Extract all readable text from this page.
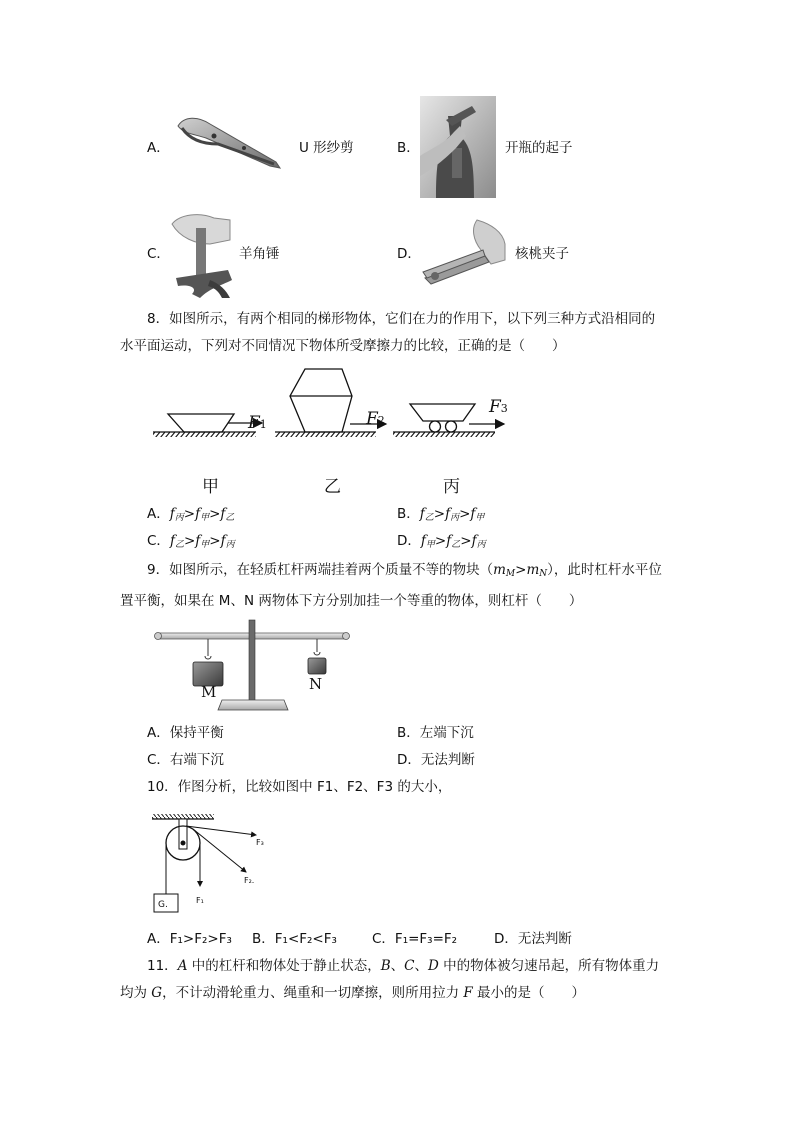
A．	U 形纱剪	B．	开瓶的起子
C．	羊角锤	D．	核桃夹子
8．如图所示，有两个相同的梯形物体，它们在力的作用下，以下列三种方式沿相同的
水平面运动，下列对不同情况下物体所受摩擦力的比较，正确的是（　　）
F1	F2
F3
甲	乙	丙
A．$f_丙>f_甲>f_乙$	B．$f_乙>f_丙>f_甲$
C．$f_乙>f_甲>f_丙$	D．$f_甲>f_乙>f_丙$
9．如图所示，在轻质杠杆两端挂着两个质量不等的物块$(m_M>m_N)$，此时杠杆水平位
置平衡，如果在 M、N 两物体下方分别加挂一个等重的物体，则杠杆（　　）
M	N
A．保持平衡	B．左端下沉
C．右端下沉	D．无法判断
10．作图分析，比较如图中 F1、F2、F3 的大小，
F₃
F₂.
F₁
G.
A．F₁>F₂>F₃ B．F₁<F₂<F₃	C．F₁=F₃=F₂	D．无法判断
11．A 中的杠杆和物体处于静止状态，B、C、D 中的物体被匀速吊起，所有物体重力
均为 G，不计动滑轮重力、绳重和一切摩擦，则所用拉力 F 最小的是（　　）
